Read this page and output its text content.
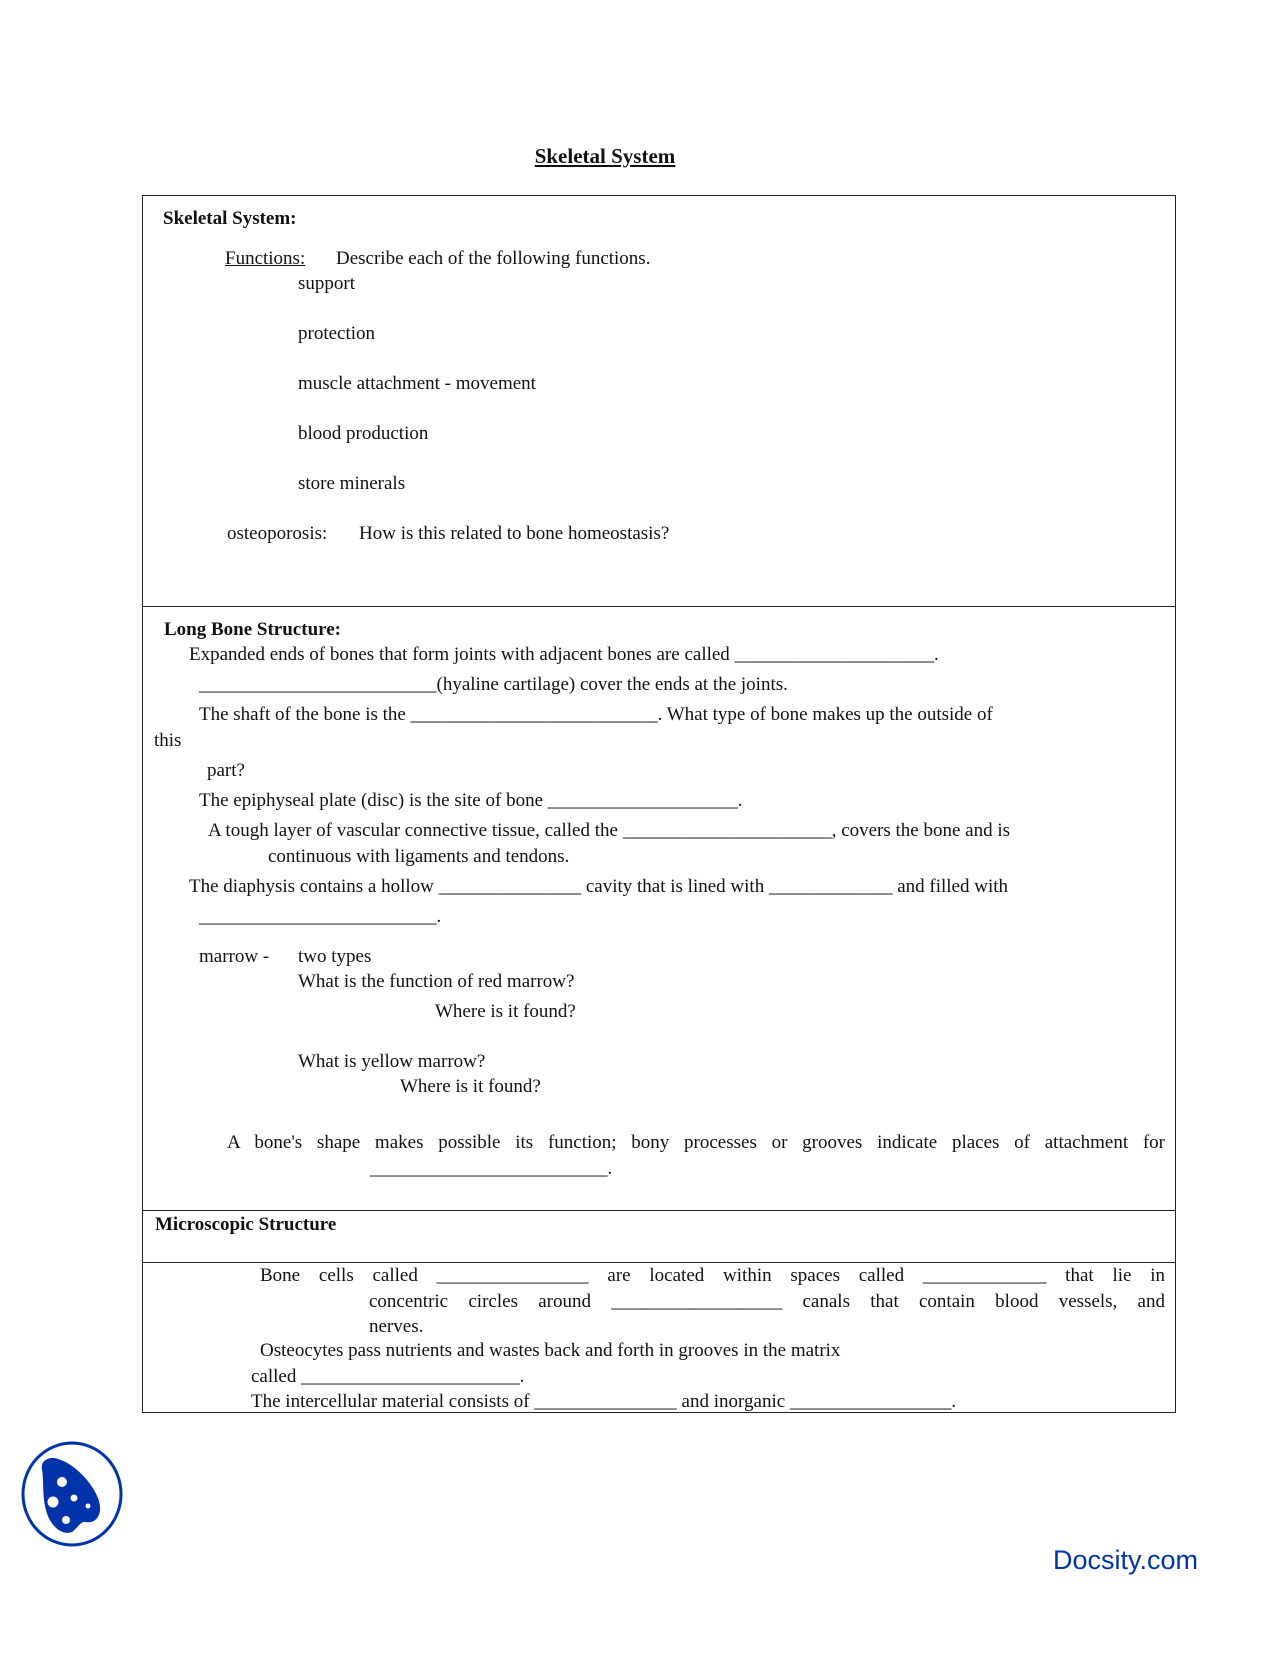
Skeletal System
Skeletal System:
Functions: Describe each of the following functions.
support
protection
muscle attachment - movement
blood production
store minerals
osteoporosis: How is this related to bone homeostasis?
Long Bone Structure:
Expanded ends of bones that form joints with adjacent bones are called _____________________.
_________________________(hyaline cartilage) cover the ends at the joints.
The shaft of the bone is the __________________________. What type of bone makes up the outside of
this
part?
The epiphyseal plate (disc) is the site of bone ____________________.
A tough layer of vascular connective tissue, called the ______________________, covers the bone and is
continuous with ligaments and tendons.
The diaphysis contains a hollow _______________ cavity that is lined with _____________ and filled with
_________________________.
marrow - two types
What is the function of red marrow?
Where is it found?
What is yellow marrow?
Where is it found?
A bone's shape makes possible its function; bony processes or grooves indicate places of attachment for
_________________________.
Microscopic Structure
Bone cells called ________________ are located within spaces called _____________ that lie in
concentric circles around __________________ canals that contain blood vessels, and
nerves.
Osteocytes pass nutrients and wastes back and forth in grooves in the matrix
called _______________________.
The intercellular material consists of _______________ and inorganic _________________.
Docsity.com
